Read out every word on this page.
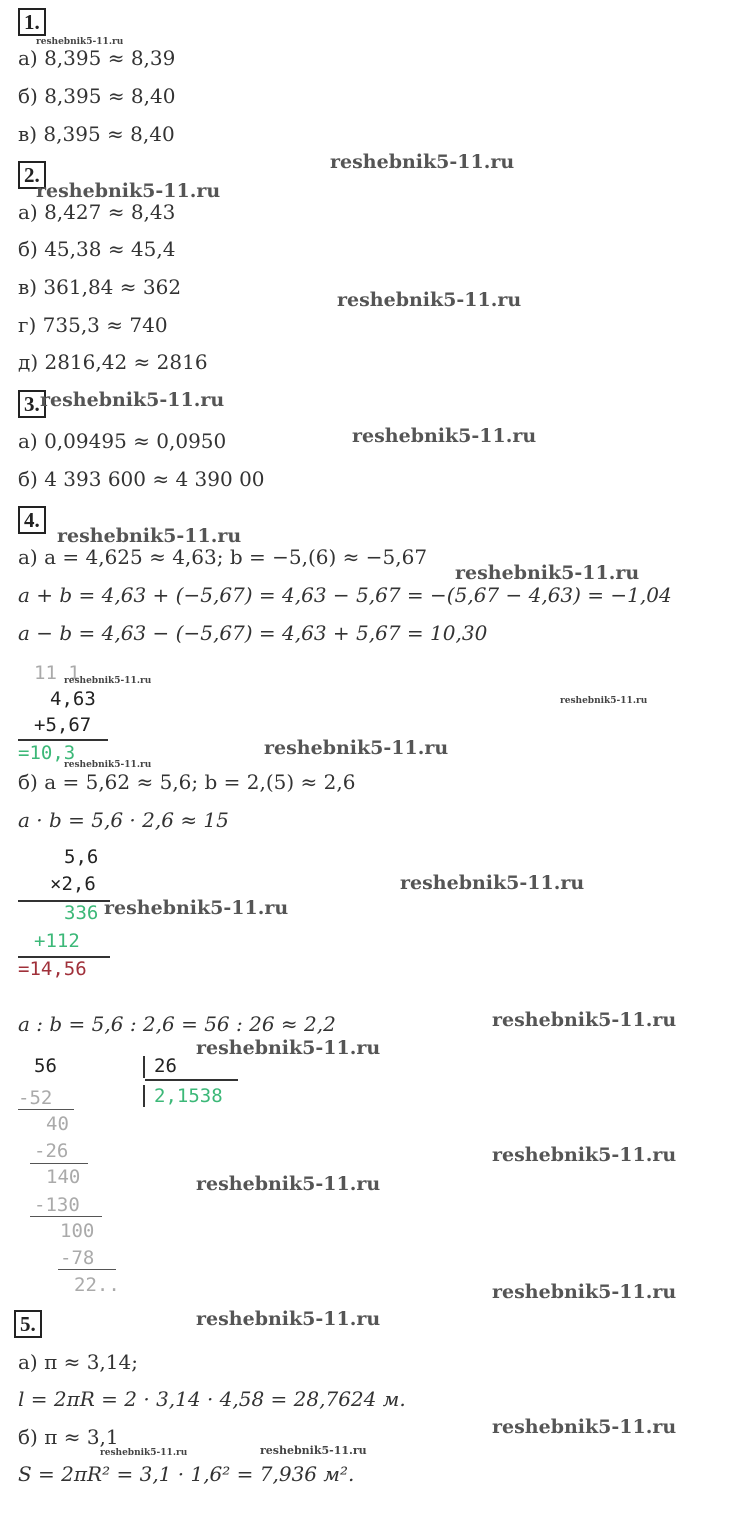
1.
reshebnik5-11.ru
а) 8,395 ≈ 8,39
б) 8,395 ≈ 8,40
в) 8,395 ≈ 8,40
reshebnik5-11.ru
2.
reshebnik5-11.ru
а) 8,427 ≈ 8,43
б) 45,38 ≈ 45,4
в) 361,84 ≈ 362
reshebnik5-11.ru
г) 735,3 ≈ 740
д) 2816,42 ≈ 2816
3. reshebnik5-11.ru
reshebnik5-11.ru
а) 0,09495 ≈ 0,0950
б) 4 393 600 ≈ 4 390 00
4.
reshebnik5-11.ru
а) a = 4,625 ≈ 4,63; b = −5,(6) ≈ −5,67
reshebnik5-11.ru
a + b = 4,63 + (−5,67) = 4,63 − 5,67 = −(5,67 − 4,63) = −1,04
a − b = 4,63 − (−5,67) = 4,63 + 5,67 = 10,30
11 1
reshebnik5-11.ru
4,63	reshebnik5-11.ru
+5,67
=10,3	reshebnik5-11.ru
reshebnik5-11.ru
б) a = 5,62 ≈ 5,6; b = 2,(5) ≈ 2,6
a · b = 5,6 · 2,6 ≈ 15
5,6
×2,6	reshebnik5-11.ru
336 reshebnik5-11.ru
+112
=14,56
a : b = 5,6 : 2,6 = 56 : 26 ≈ 2,2	reshebnik5-11.ru
reshebnik5-11.ru
56	26
2,1538
-52
40
-26	reshebnik5-11.ru
140	reshebnik5-11.ru
-130
100
-78
22..	reshebnik5-11.ru
5.	reshebnik5-11.ru
а) π ≈ 3,14;
l = 2πR = 2 · 3,14 · 4,58 = 28,7624 м.
reshebnik5-11.ru
б) π ≈ 3,1
reshebnik5-11.ru	reshebnik5-11.ru
S = 2πR² = 3,1 · 1,6² = 7,936 м².
